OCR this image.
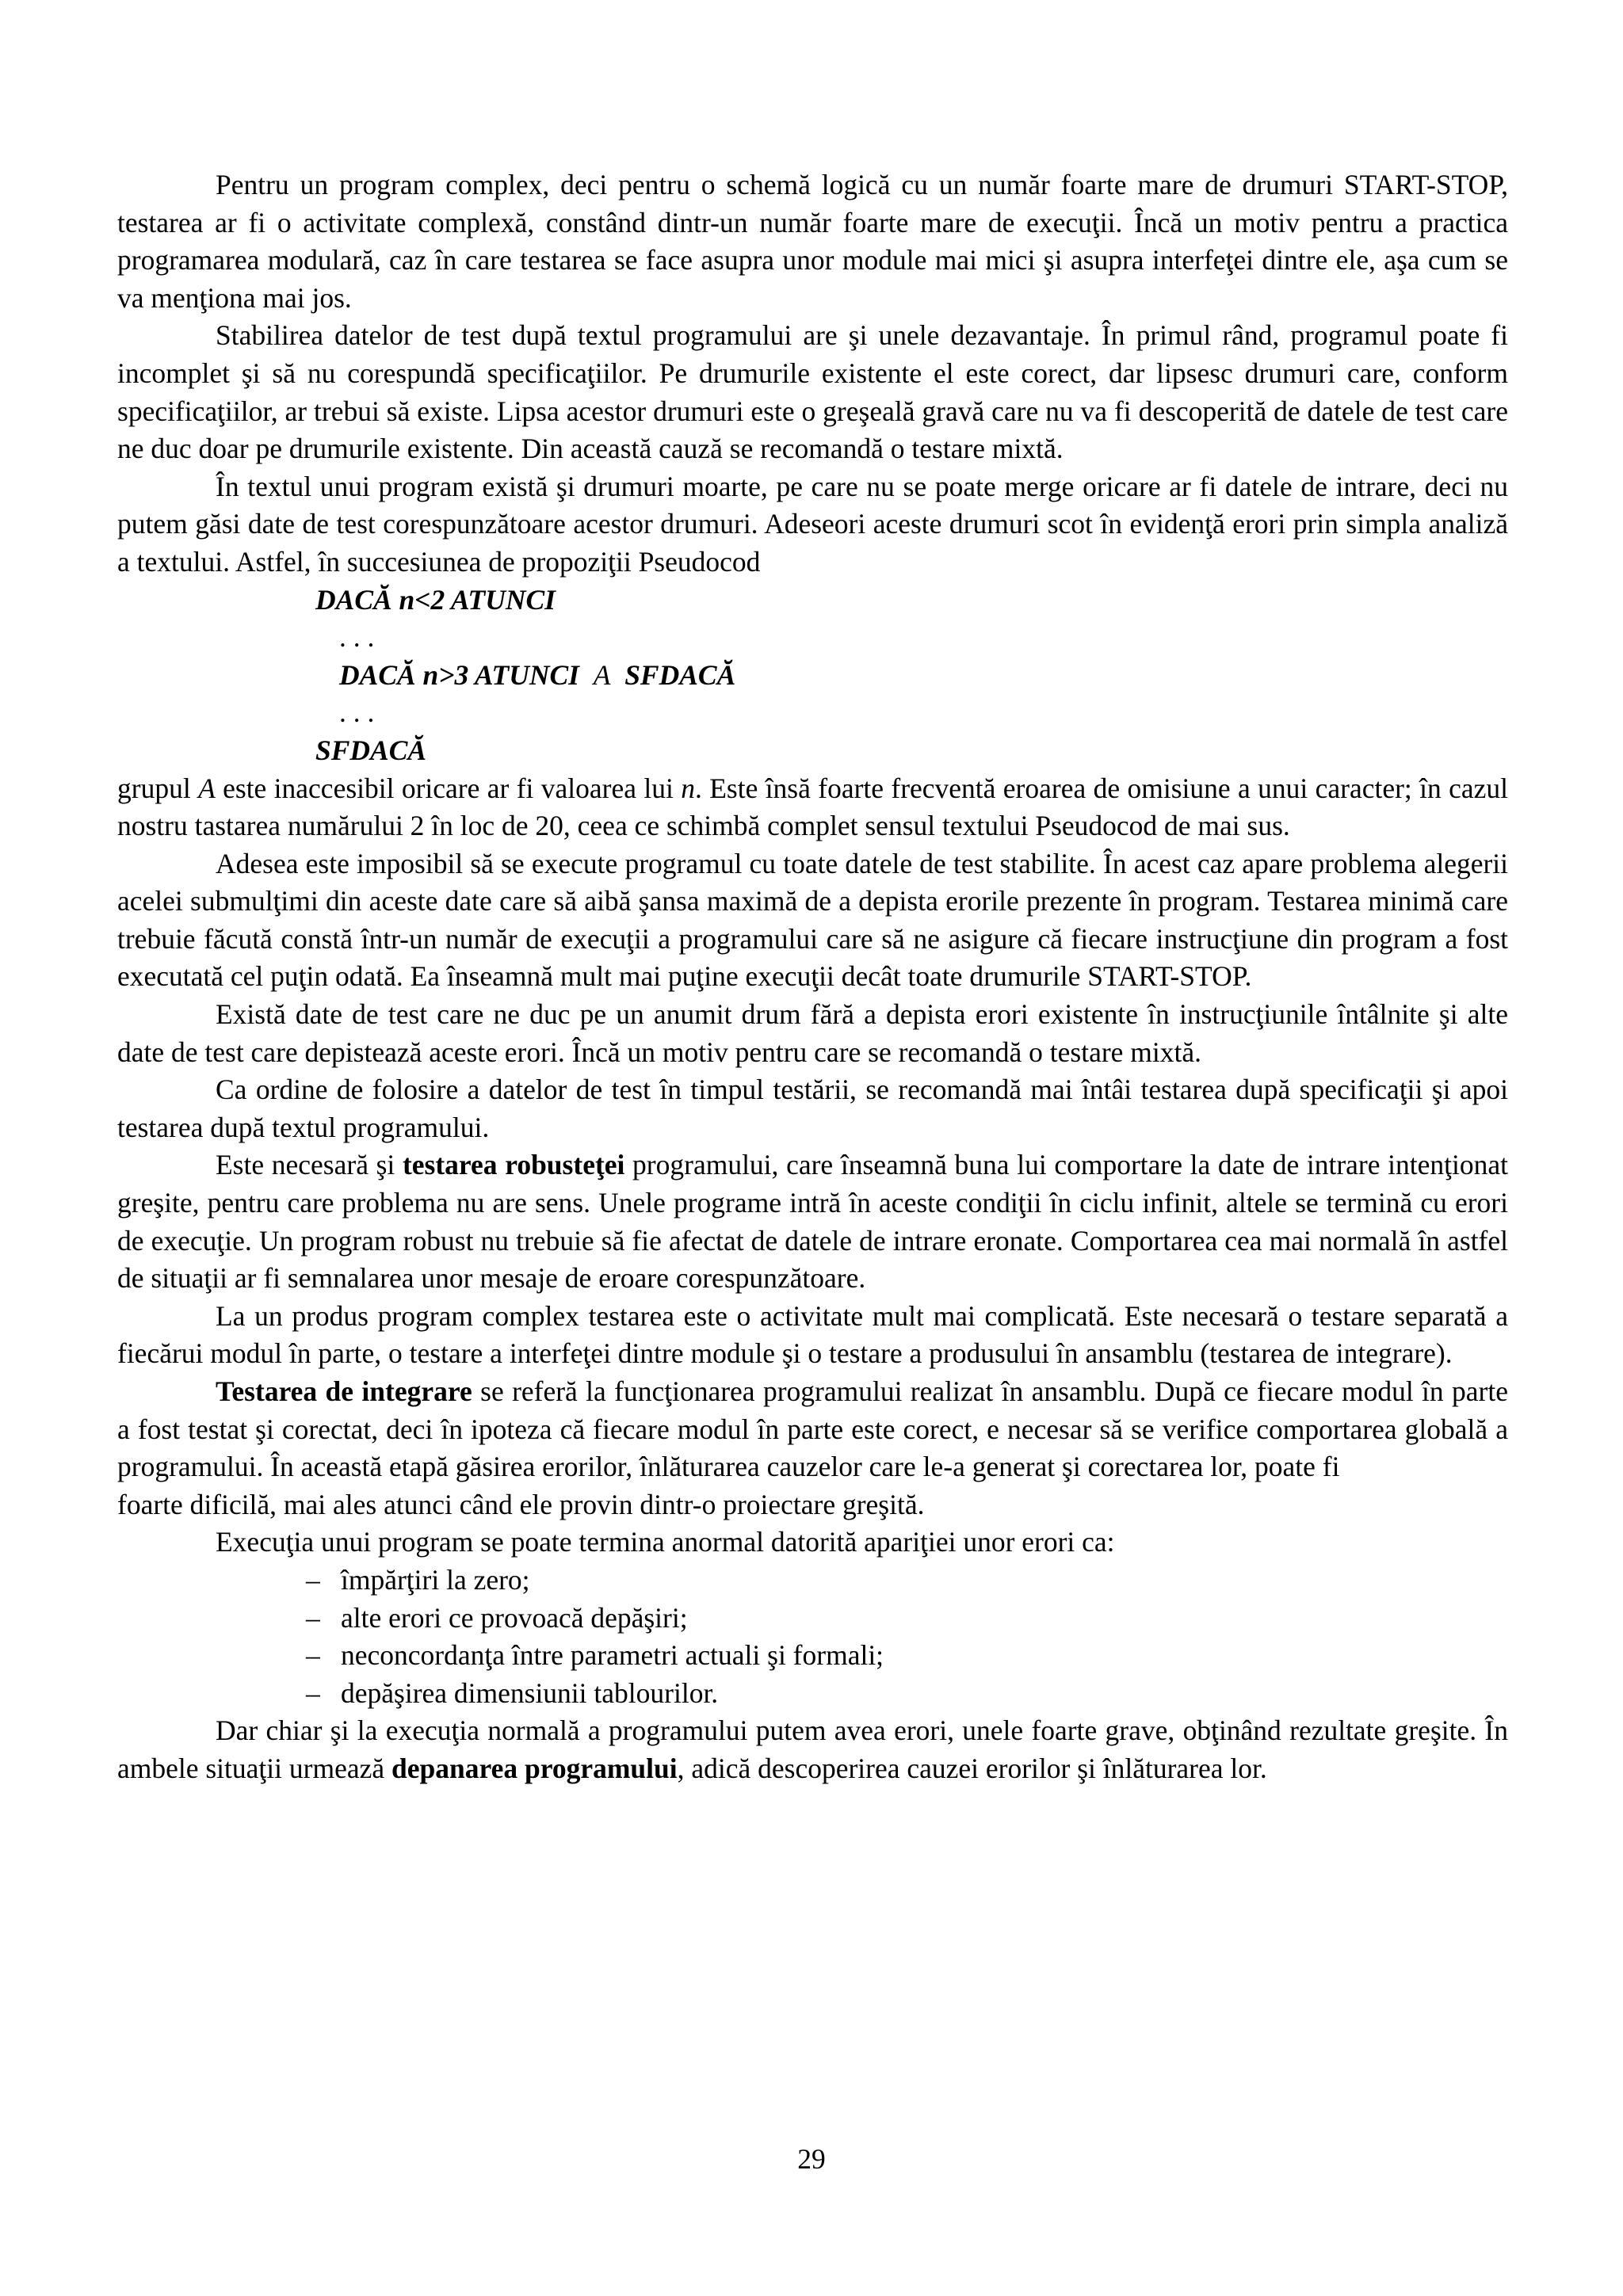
Pentru un program complex, deci pentru o schemă logică cu un număr foarte mare de drumuri START-STOP, testarea ar fi o activitate complexă, constând dintr-un număr foarte mare de execuţii. Încă un motiv pentru a practica programarea modulară, caz în care testarea se face asupra unor module mai mici şi asupra interfeţei dintre ele, aşa cum se va menţiona mai jos.

Stabilirea datelor de test după textul programului are şi unele dezavantaje. În primul rând, programul poate fi incomplet şi să nu corespundă specificaţiilor. Pe drumurile existente el este corect, dar lipsesc drumuri care, conform specificaţiilor, ar trebui să existe. Lipsa acestor drumuri este o greşeală gravă care nu va fi descoperită de datele de test care ne duc doar pe drumurile existente. Din această cauză se recomandă o testare mixtă.

În textul unui program există şi drumuri moarte, pe care nu se poate merge oricare ar fi datele de intrare, deci nu putem găsi date de test corespunzătoare acestor drumuri. Adeseori aceste drumuri scot în evidenţă erori prin simpla analiză a textului. Astfel, în succesiunea de propoziţii Pseudocod

DACĂ n<2 ATUNCI
. . .
DACĂ n>3 ATUNCI A SFDACĂ
. . .
SFDACĂ

grupul A este inaccesibil oricare ar fi valoarea lui n. Este însă foarte frecventă eroarea de omisiune a unui caracter; în cazul nostru tastarea numărului 2 în loc de 20, ceea ce schimbă complet sensul textului Pseudocod de mai sus.

Adesea este imposibil să se execute programul cu toate datele de test stabilite. În acest caz apare problema alegerii acelei submulţimi din aceste date care să aibă şansa maximă de a depista erorile prezente în program. Testarea minimă care trebuie făcută constă într-un număr de execuţii a programului care să ne asigure că fiecare instrucţiune din program a fost executată cel puţin odată. Ea înseamnă mult mai puţine execuţii decât toate drumurile START-STOP.

Există date de test care ne duc pe un anumit drum fără a depista erori existente în instrucţiunile întâlnite şi alte date de test care depistează aceste erori. Încă un motiv pentru care se recomandă o testare mixtă.

Ca ordine de folosire a datelor de test în timpul testării, se recomandă mai întâi testarea după specificaţii şi apoi testarea după textul programului.

Este necesară şi testarea robusteţei programului, care înseamnă buna lui comportare la date de intrare intenţionat greşite, pentru care problema nu are sens. Unele programe intră în aceste condiţii în ciclu infinit, altele se termină cu erori de execuţie. Un program robust nu trebuie să fie afectat de datele de intrare eronate. Comportarea cea mai normală în astfel de situaţii ar fi semnalarea unor mesaje de eroare corespunzătoare.

La un produs program complex testarea este o activitate mult mai complicată. Este necesară o testare separată a fiecărui modul în parte, o testare a interfeţei dintre module şi o testare a produsului în ansamblu (testarea de integrare).

Testarea de integrare se referă la funcţionarea programului realizat în ansamblu. După ce fiecare modul în parte a fost testat şi corectat, deci în ipoteza că fiecare modul în parte este corect, e necesar să se verifice comportarea globală a programului. În această etapă găsirea erorilor, înlăturarea cauzelor care le-a generat şi corectarea lor, poate fi

foarte dificilă, mai ales atunci când ele provin dintr-o proiectare greşită.

Execuţia unui program se poate termina anormal datorită apariţiei unor erori ca:

– împărţiri la zero;
– alte erori ce provoacă depăşiri;
– neconcordanţa între parametri actuali şi formali;
– depăşirea dimensiunii tablourilor.

Dar chiar şi la execuţia normală a programului putem avea erori, unele foarte grave, obţinând rezultate greşite. În ambele situaţii urmează depanarea programului, adică descoperirea cauzei erorilor şi înlăturarea lor.

29
